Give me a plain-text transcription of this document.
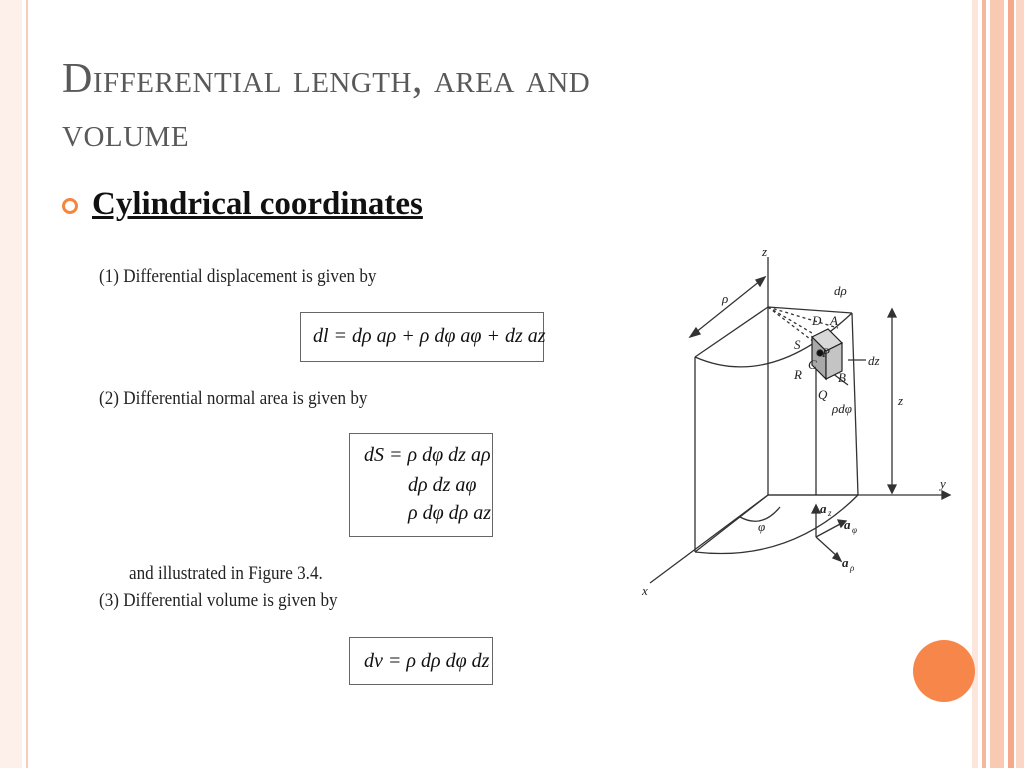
Differential length, area and
volume
Cylindrical coordinates
(1) Differential displacement is given by
dl = dρ aρ + ρ dφ aφ + dz az
(2) Differential normal area is given by
dS = ρ dφ dz aρ
dρ dz aφ
ρ dφ dρ az
and illustrated in Figure 3.4.
(3) Differential volume is given by
dv = ρ dρ dφ dz
z
ρ
dρ
D A
S
P
C
R	B
Q
dz
ρdφ
z
y
x
φ
a z
a φ
a ρ
